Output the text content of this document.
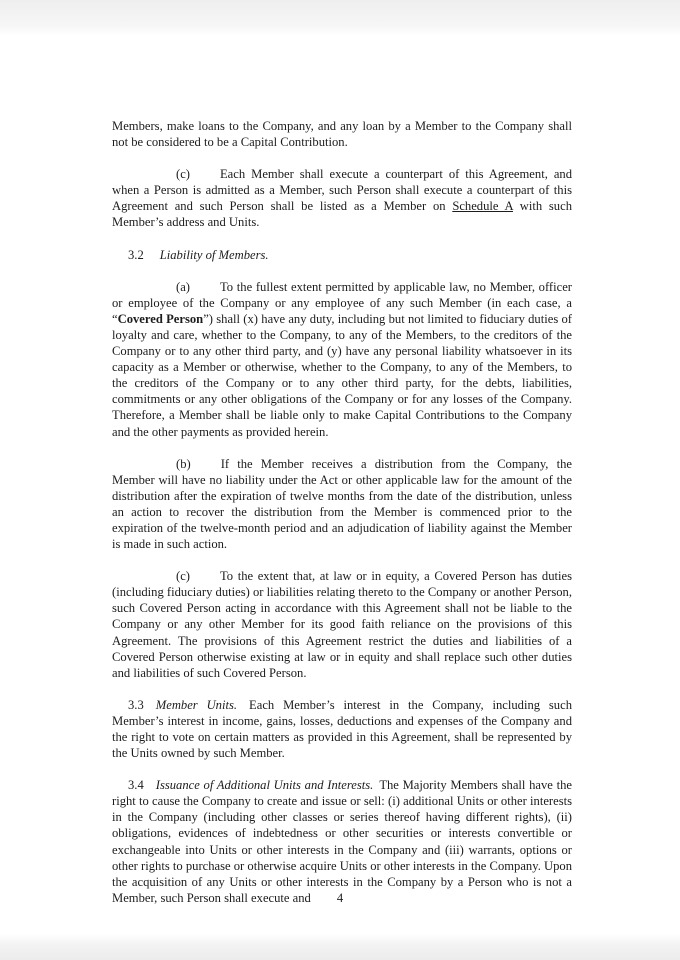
Members, make loans to the Company, and any loan by a Member to the Company shall not be considered to be a Capital Contribution.

(c) Each Member shall execute a counterpart of this Agreement, and when a Person is admitted as a Member, such Person shall execute a counterpart of this Agreement and such Person shall be listed as a Member on Schedule A with such Member’s address and Units.

3.2 Liability of Members.

(a) To the fullest extent permitted by applicable law, no Member, officer or employee of the Company or any employee of any such Member (in each case, a “Covered Person”) shall (x) have any duty, including but not limited to fiduciary duties of loyalty and care, whether to the Company, to any of the Members, to the creditors of the Company or to any other third party, and (y) have any personal liability whatsoever in its capacity as a Member or otherwise, whether to the Company, to any of the Members, to the creditors of the Company or to any other third party, for the debts, liabilities, commitments or any other obligations of the Company or for any losses of the Company. Therefore, a Member shall be liable only to make Capital Contributions to the Company and the other payments as provided herein.

(b) If the Member receives a distribution from the Company, the Member will have no liability under the Act or other applicable law for the amount of the distribution after the expiration of twelve months from the date of the distribution, unless an action to recover the distribution from the Member is commenced prior to the expiration of the twelve-month period and an adjudication of liability against the Member is made in such action.

(c) To the extent that, at law or in equity, a Covered Person has duties (including fiduciary duties) or liabilities relating thereto to the Company or another Person, such Covered Person acting in accordance with this Agreement shall not be liable to the Company or any other Member for its good faith reliance on the provisions of this Agreement. The provisions of this Agreement restrict the duties and liabilities of a Covered Person otherwise existing at law or in equity and shall replace such other duties and liabilities of such Covered Person.

3.3 Member Units. Each Member’s interest in the Company, including such Member’s interest in income, gains, losses, deductions and expenses of the Company and the right to vote on certain matters as provided in this Agreement, shall be represented by the Units owned by such Member.

3.4 Issuance of Additional Units and Interests. The Majority Members shall have the right to cause the Company to create and issue or sell: (i) additional Units or other interests in the Company (including other classes or series thereof having different rights), (ii) obligations, evidences of indebtedness or other securities or interests convertible or exchangeable into Units or other interests in the Company and (iii) warrants, options or other rights to purchase or otherwise acquire Units or other interests in the Company. Upon the acquisition of any Units or other interests in the Company by a Person who is not a Member, such Person shall execute and	4
